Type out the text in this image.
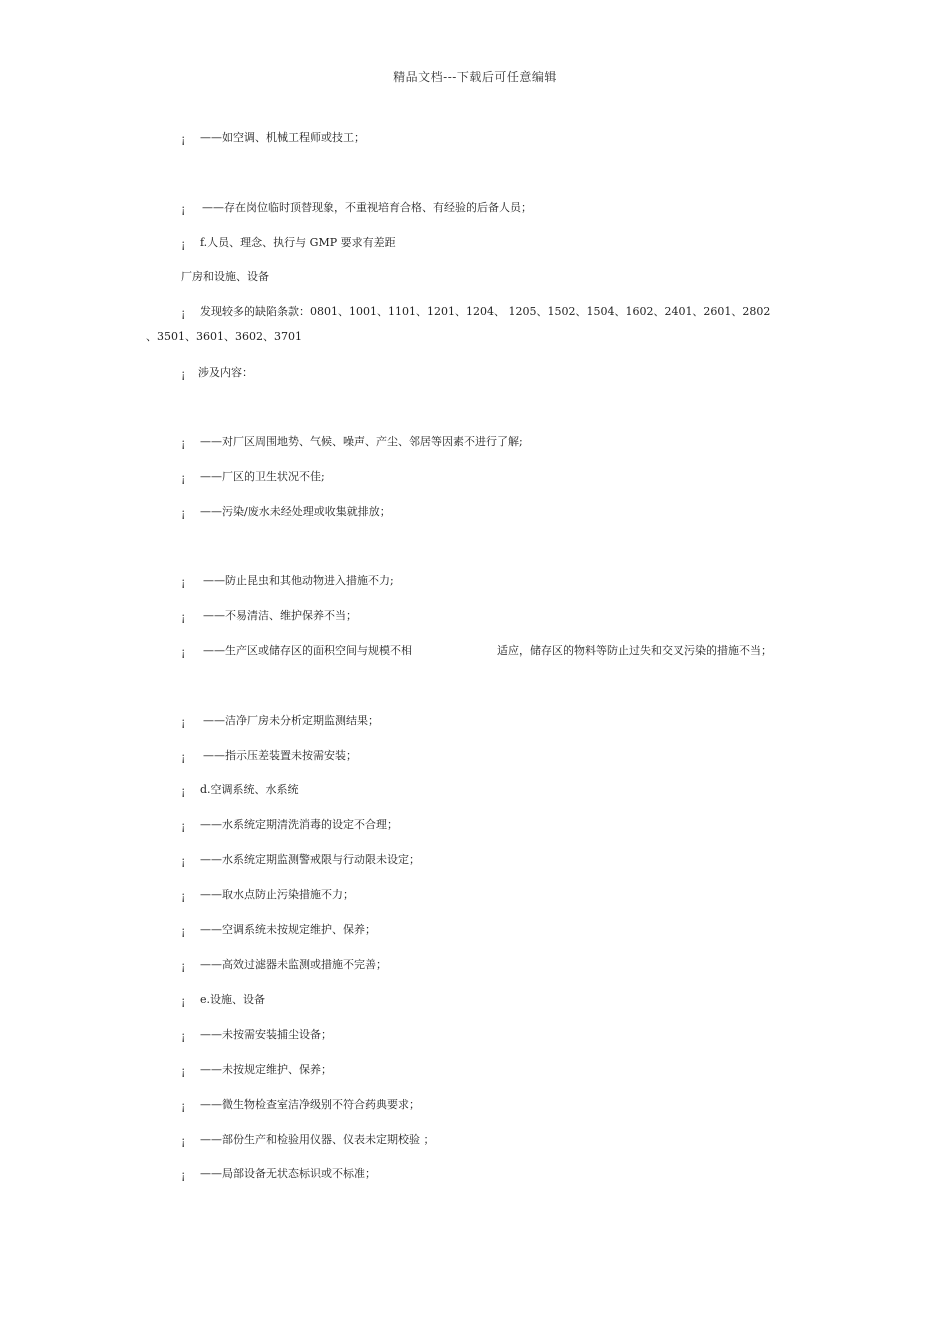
精品文档---下载后可任意编辑
¡ ——如空调、机械工程师或技工；
¡ ——存在岗位临时顶替现象，不重视培育合格、有经验的后备人员；
¡ f.人员、理念、执行与 GMP 要求有差距
厂房和设施、设备
¡ 发现较多的缺陷条款：0801、1001、1101、1201、1204、 1205、1502、1504、1602、2401、2601、2802
、3501、3601、3602、3701
¡ 涉及内容：
¡ ——对厂区周围地势、气候、噪声、产尘、邻居等因素不进行了解;
¡ ——厂区的卫生状况不佳;
¡ ——污染/废水未经处理或收集就排放；
¡ ——防止昆虫和其他动物进入措施不力;
¡ ——不易清洁、维护保养不当；
¡ ——生产区或储存区的面积空间与规模不相	适应，储存区的物料等防止过失和交叉污染的措施不当；
¡ ——洁净厂房未分析定期监测结果；
¡ ——指示压差装置未按需安装；
¡ d.空调系统、水系统
¡ ——水系统定期清洗消毒的设定不合理；
¡ ——水系统定期监测警戒限与行动限未设定；
¡ ——取水点防止污染措施不力；
¡ ——空调系统未按规定维护、保养；
¡ ——高效过滤器未监测或措施不完善；
¡ e.设施、设备
¡ ——未按需安装捕尘设备；
¡ ——未按规定维护、保养；
¡ ——微生物检查室洁净级别不符合药典要求；
¡ ——部份生产和检验用仪器、仪表未定期校验 ；
¡ ——局部设备无状态标识或不标准；
